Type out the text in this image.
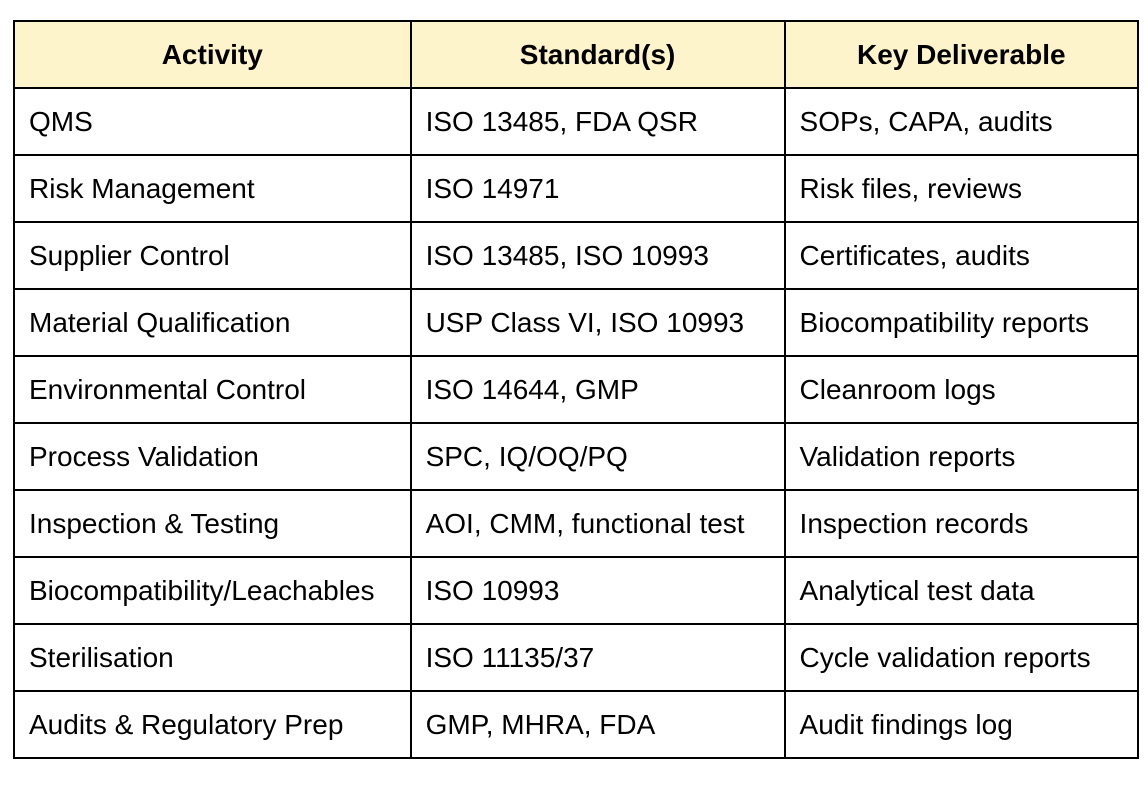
Activity	Standard(s)	Key Deliverable
QMS	ISO 13485, FDA QSR	SOPs, CAPA, audits
Risk Management	ISO 14971	Risk files, reviews
Supplier Control	ISO 13485, ISO 10993	Certificates, audits
Material Qualification	USP Class VI, ISO 10993	Biocompatibility reports
Environmental Control	ISO 14644, GMP	Cleanroom logs
Process Validation	SPC, IQ/OQ/PQ	Validation reports
Inspection & Testing	AOI, CMM, functional test	Inspection records
Biocompatibility/Leachables	ISO 10993	Analytical test data
Sterilisation	ISO 11135/37	Cycle validation reports
Audits & Regulatory Prep	GMP, MHRA, FDA	Audit findings log
